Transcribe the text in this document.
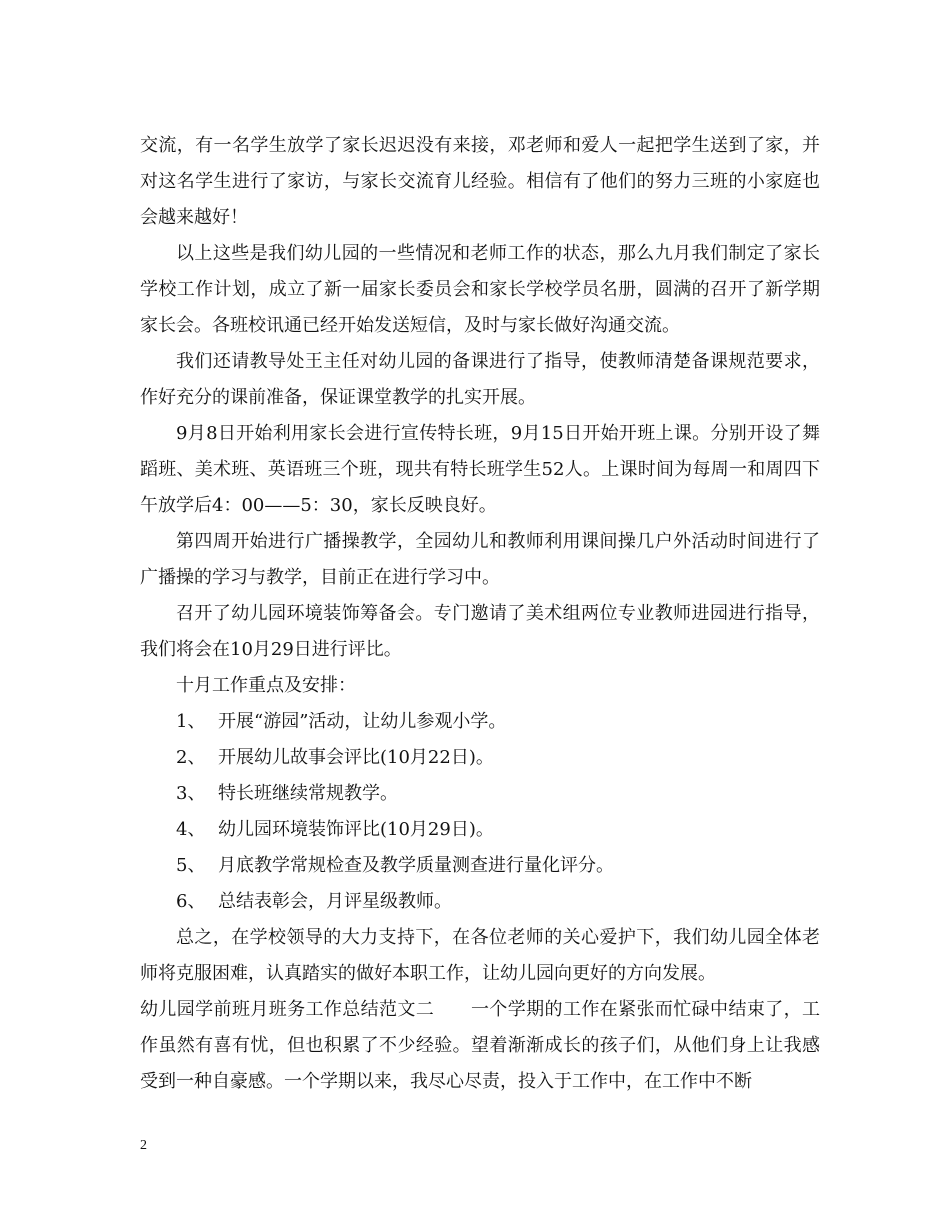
交流，有一名学生放学了家长迟迟没有来接，邓老师和爱人一起把学生送到了家，并对这名学生进行了家访，与家长交流育儿经验。相信有了他们的努力三班的小家庭也会越来越好！

以上这些是我们幼儿园的一些情况和老师工作的状态，那么九月我们制定了家长学校工作计划，成立了新一届家长委员会和家长学校学员名册，圆满的召开了新学期家长会。各班校讯通已经开始发送短信，及时与家长做好沟通交流。

我们还请教导处王主任对幼儿园的备课进行了指导，使教师清楚备课规范要求，作好充分的课前准备，保证课堂教学的扎实开展。

9月8日开始利用家长会进行宣传特长班，9月15日开始开班上课。分别开设了舞蹈班、美术班、英语班三个班，现共有特长班学生52人。上课时间为每周一和周四下午放学后4：00——5：30，家长反映良好。

第四周开始进行广播操教学，全园幼儿和教师利用课间操几户外活动时间进行了广播操的学习与教学，目前正在进行学习中。

召开了幼儿园环境装饰筹备会。专门邀请了美术组两位专业教师进园进行指导，我们将会在10月29日进行评比。

十月工作重点及安排：

1、 开展“游园”活动，让幼儿参观小学。
2、 开展幼儿故事会评比(10月22日)。
3、 特长班继续常规教学。
4、 幼儿园环境装饰评比(10月29日)。
5、 月底教学常规检查及教学质量测查进行量化评分。
6、 总结表彰会，月评星级教师。

总之，在学校领导的大力支持下，在各位老师的关心爱护下，我们幼儿园全体老师将克服困难，认真踏实的做好本职工作，让幼儿园向更好的方向发展。

幼儿园学前班月班务工作总结范文二　　一个学期的工作在紧张而忙碌中结束了，工作虽然有喜有忧，但也积累了不少经验。望着渐渐成长的孩子们，从他们身上让我感受到一种自豪感。一个学期以来，我尽心尽责，投入于工作中，在工作中不断

2
